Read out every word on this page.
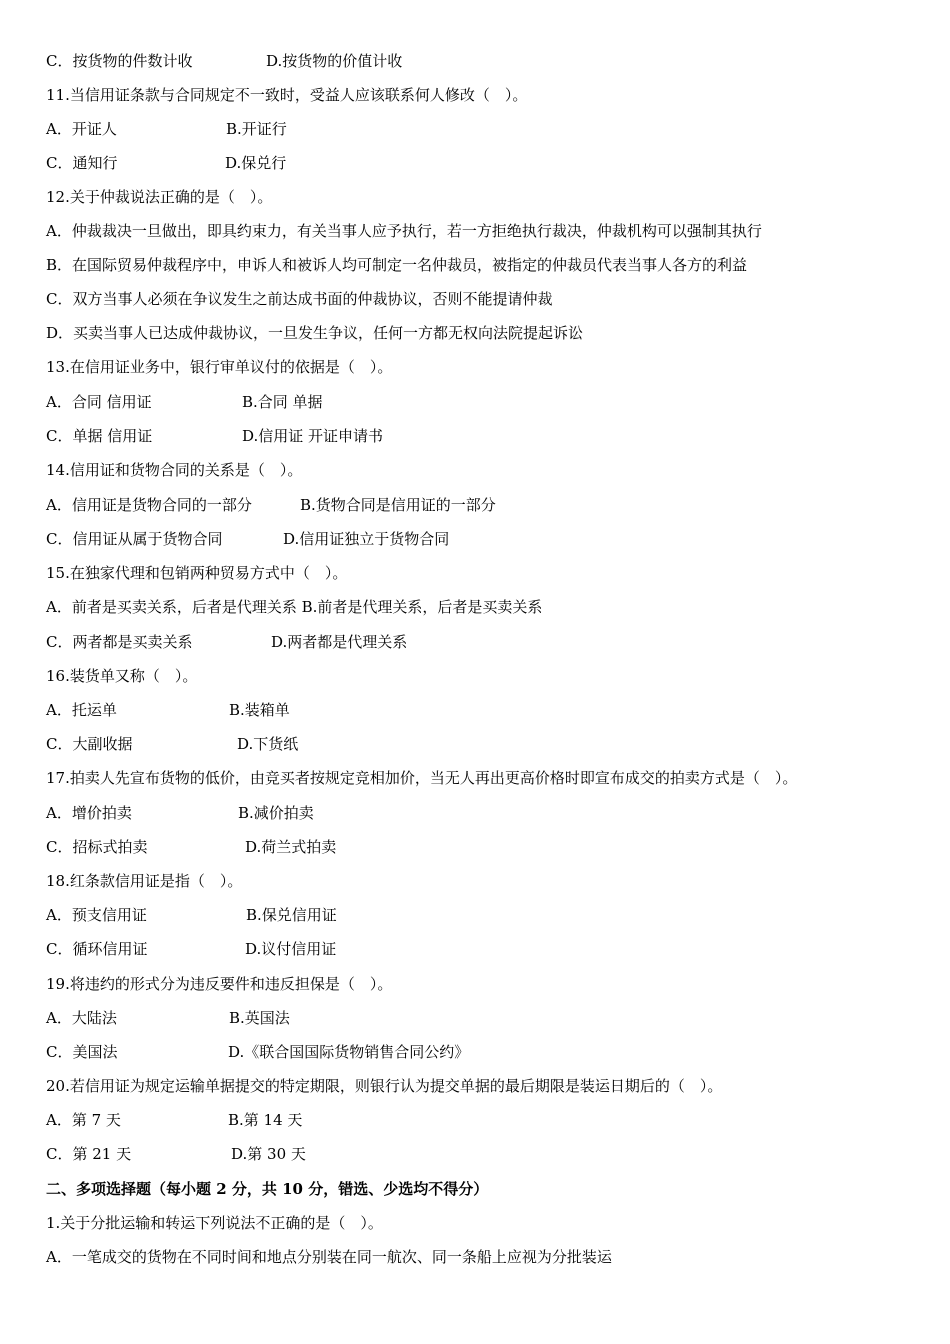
C．按货物的件数计收	D.按货物的价值计收
11.当信用证条款与合同规定不一致时，受益人应该联系何人修改（　）。
A．开证人	B.开证行
C．通知行	D.保兑行
12.关于仲裁说法正确的是（　）。
A．仲裁裁决一旦做出，即具约束力，有关当事人应予执行，若一方拒绝执行裁决，仲裁机构可以强制其执行
B．在国际贸易仲裁程序中，申诉人和被诉人均可制定一名仲裁员，被指定的仲裁员代表当事人各方的利益
C．双方当事人必须在争议发生之前达成书面的仲裁协议，否则不能提请仲裁
D．买卖当事人已达成仲裁协议，一旦发生争议，任何一方都无权向法院提起诉讼
13.在信用证业务中，银行审单议付的依据是（　）。
A．合同 信用证	B.合同 单据
C．单据 信用证	D.信用证 开证申请书
14.信用证和货物合同的关系是（　）。
A．信用证是货物合同的一部分	B.货物合同是信用证的一部分
C．信用证从属于货物合同	D.信用证独立于货物合同
15.在独家代理和包销两种贸易方式中（　）。
A．前者是买卖关系，后者是代理关系 B.前者是代理关系，后者是买卖关系
C．两者都是买卖关系	D.两者都是代理关系
16.装货单又称（　）。
A．托运单	B.装箱单
C．大副收据	D.下货纸
17.拍卖人先宣布货物的低价，由竞买者按规定竞相加价，当无人再出更高价格时即宣布成交的拍卖方式是（　）。
A．增价拍卖	B.减价拍卖
C．招标式拍卖	D.荷兰式拍卖
18.红条款信用证是指（　）。
A．预支信用证	B.保兑信用证
C．循环信用证	D.议付信用证
19.将违约的形式分为违反要件和违反担保是（　）。
A．大陆法	B.英国法
C．美国法	D.《联合国国际货物销售合同公约》
20.若信用证为规定运输单据提交的特定期限，则银行认为提交单据的最后期限是装运日期后的（　）。
A．第 7 天	B.第 14 天
C．第 21 天	D.第 30 天
二、多项选择题（每小题 2 分，共 10 分，错选、少选均不得分）
1.关于分批运输和转运下列说法不正确的是（　）。
A．一笔成交的货物在不同时间和地点分别装在同一航次、同一条船上应视为分批装运
